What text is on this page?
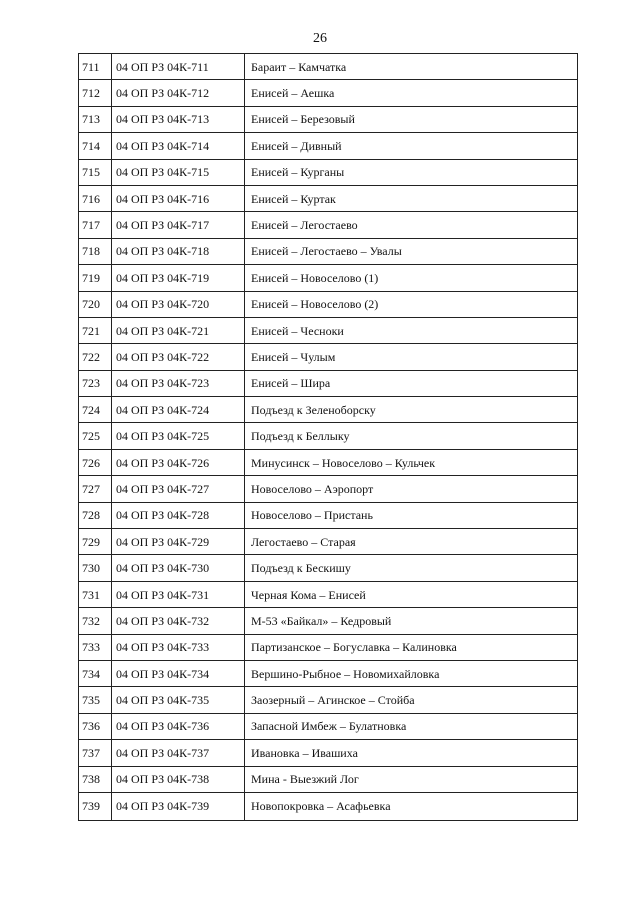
26
711	04 ОП РЗ 04К-711	Бараит – Камчатка
712	04 ОП РЗ 04К-712	Енисей – Аешка
713	04 ОП РЗ 04К-713	Енисей – Березовый
714	04 ОП РЗ 04К-714	Енисей – Дивный
715	04 ОП РЗ 04К-715	Енисей – Курганы
716	04 ОП РЗ 04К-716	Енисей – Куртак
717	04 ОП РЗ 04К-717	Енисей – Легостаево
718	04 ОП РЗ 04К-718	Енисей – Легостаево – Увалы
719	04 ОП РЗ 04К-719	Енисей – Новоселово (1)
720	04 ОП РЗ 04К-720	Енисей – Новоселово (2)
721	04 ОП РЗ 04К-721	Енисей – Чесноки
722	04 ОП РЗ 04К-722	Енисей – Чулым
723	04 ОП РЗ 04К-723	Енисей – Шира
724	04 ОП РЗ 04К-724	Подъезд к Зеленоборску
725	04 ОП РЗ 04К-725	Подъезд к Беллыку
726	04 ОП РЗ 04К-726	Минусинск – Новоселово – Кульчек
727	04 ОП РЗ 04К-727	Новоселово – Аэропорт
728	04 ОП РЗ 04К-728	Новоселово – Пристань
729	04 ОП РЗ 04К-729	Легостаево – Старая
730	04 ОП РЗ 04К-730	Подъезд к Бескишу
731	04 ОП РЗ 04К-731	Черная Кома – Енисей
732	04 ОП РЗ 04К-732	М-53 «Байкал» – Кедровый
733	04 ОП РЗ 04К-733	Партизанское – Богуславка – Калиновка
734	04 ОП РЗ 04К-734	Вершино-Рыбное – Новомихайловка
735	04 ОП РЗ 04К-735	Заозерный – Агинское – Стойба
736	04 ОП РЗ 04К-736	Запасной Имбеж – Булатновка
737	04 ОП РЗ 04К-737	Ивановка – Ивашиха
738	04 ОП РЗ 04К-738	Мина - Выезжий Лог
739	04 ОП РЗ 04К-739	Новопокровка – Асафьевка
